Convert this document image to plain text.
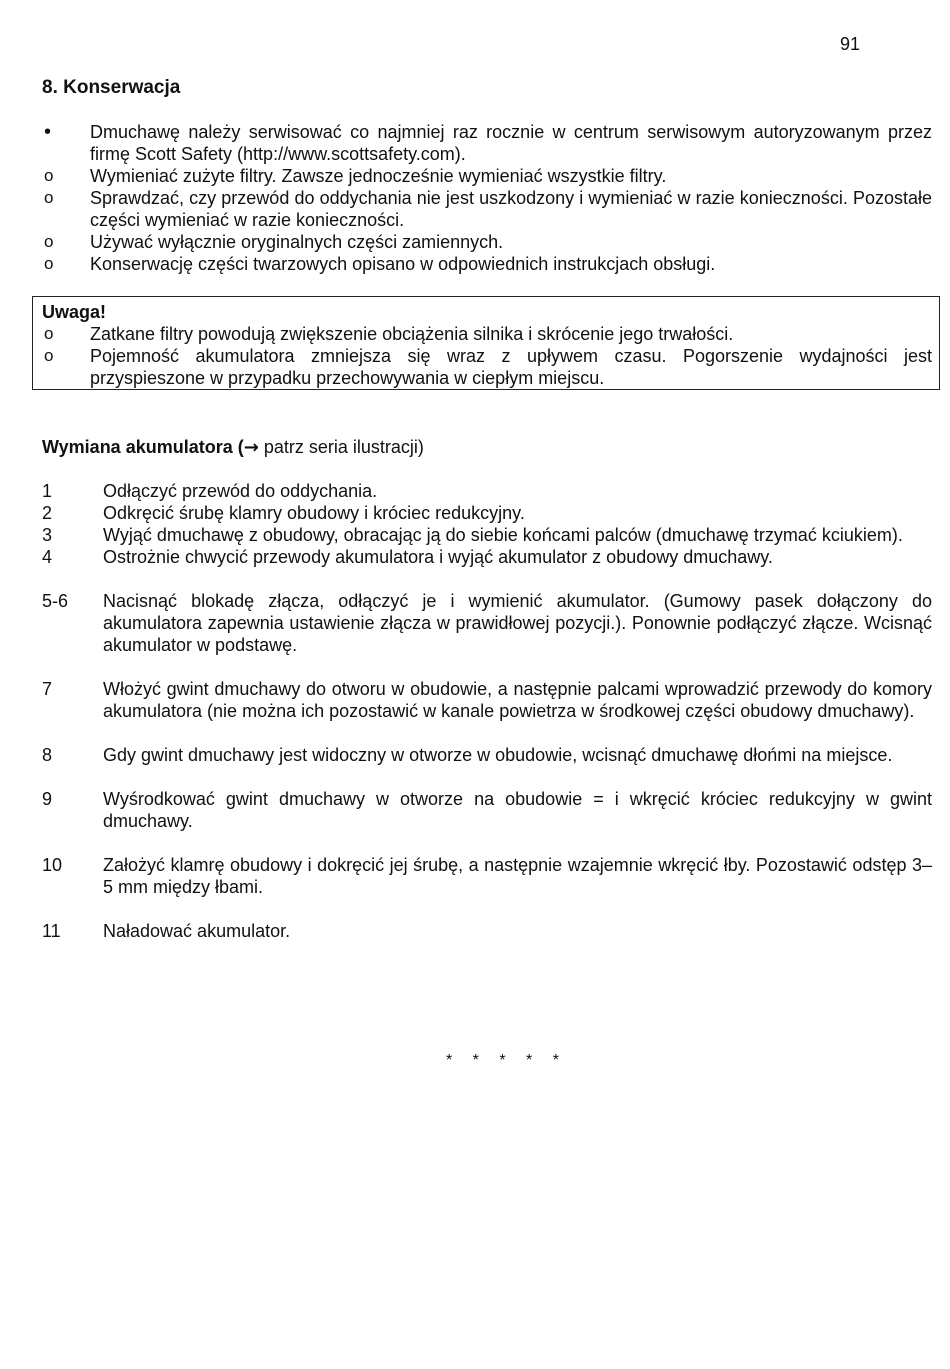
91
8. Konserwacja
•	Dmuchawę należy serwisować co najmniej raz rocznie w centrum serwisowym autoryzowanym przez firmę Scott Safety (http://www.scottsafety.com).
o	Wymieniać zużyte filtry. Zawsze jednocześnie wymieniać wszystkie filtry.
o	Sprawdzać, czy przewód do oddychania nie jest uszkodzony i wymieniać w razie konieczności. Pozostałe części wymieniać w razie konieczności.
o	Używać wyłącznie oryginalnych części zamiennych.
o	Konserwację części twarzowych opisano w odpowiednich instrukcjach obsługi.
Uwaga!
o	Zatkane filtry powodują zwiększenie obciążenia silnika i skrócenie jego trwałości.
o	Pojemność akumulatora zmniejsza się wraz z upływem czasu. Pogorszenie wydajności jest przyspieszone w przypadku przechowywania w ciepłym miejscu.
Wymiana akumulatora (→ patrz seria ilustracji)
1	Odłączyć przewód do oddychania.
2	Odkręcić śrubę klamry obudowy i króciec redukcyjny.
3	Wyjąć dmuchawę z obudowy, obracając ją do siebie końcami palców (dmuchawę trzymać kciukiem).
4	Ostrożnie chwycić przewody akumulatora i wyjąć akumulator z obudowy dmuchawy.
5-6	Nacisnąć blokadę złącza, odłączyć je i wymienić akumulator. (Gumowy pasek dołączony do akumulatora zapewnia ustawienie złącza w prawidłowej pozycji.). Ponownie podłączyć złącze. Wcisnąć akumulator w podstawę.
7	Włożyć gwint dmuchawy do otworu w obudowie, a następnie palcami wprowadzić przewody do komory akumulatora (nie można ich pozostawić w kanale powietrza w środkowej części obudowy dmuchawy).
8	Gdy gwint dmuchawy jest widoczny w otworze w obudowie, wcisnąć dmuchawę dłońmi na miejsce.
9	Wyśrodkować gwint dmuchawy w otworze na obudowie = i wkręcić króciec redukcyjny w gwint dmuchawy.
10	Założyć klamrę obudowy i dokręcić jej śrubę, a następnie wzajemnie wkręcić łby. Pozostawić odstęp 3–5 mm między łbami.
11	Naładować akumulator.
* * * * *
